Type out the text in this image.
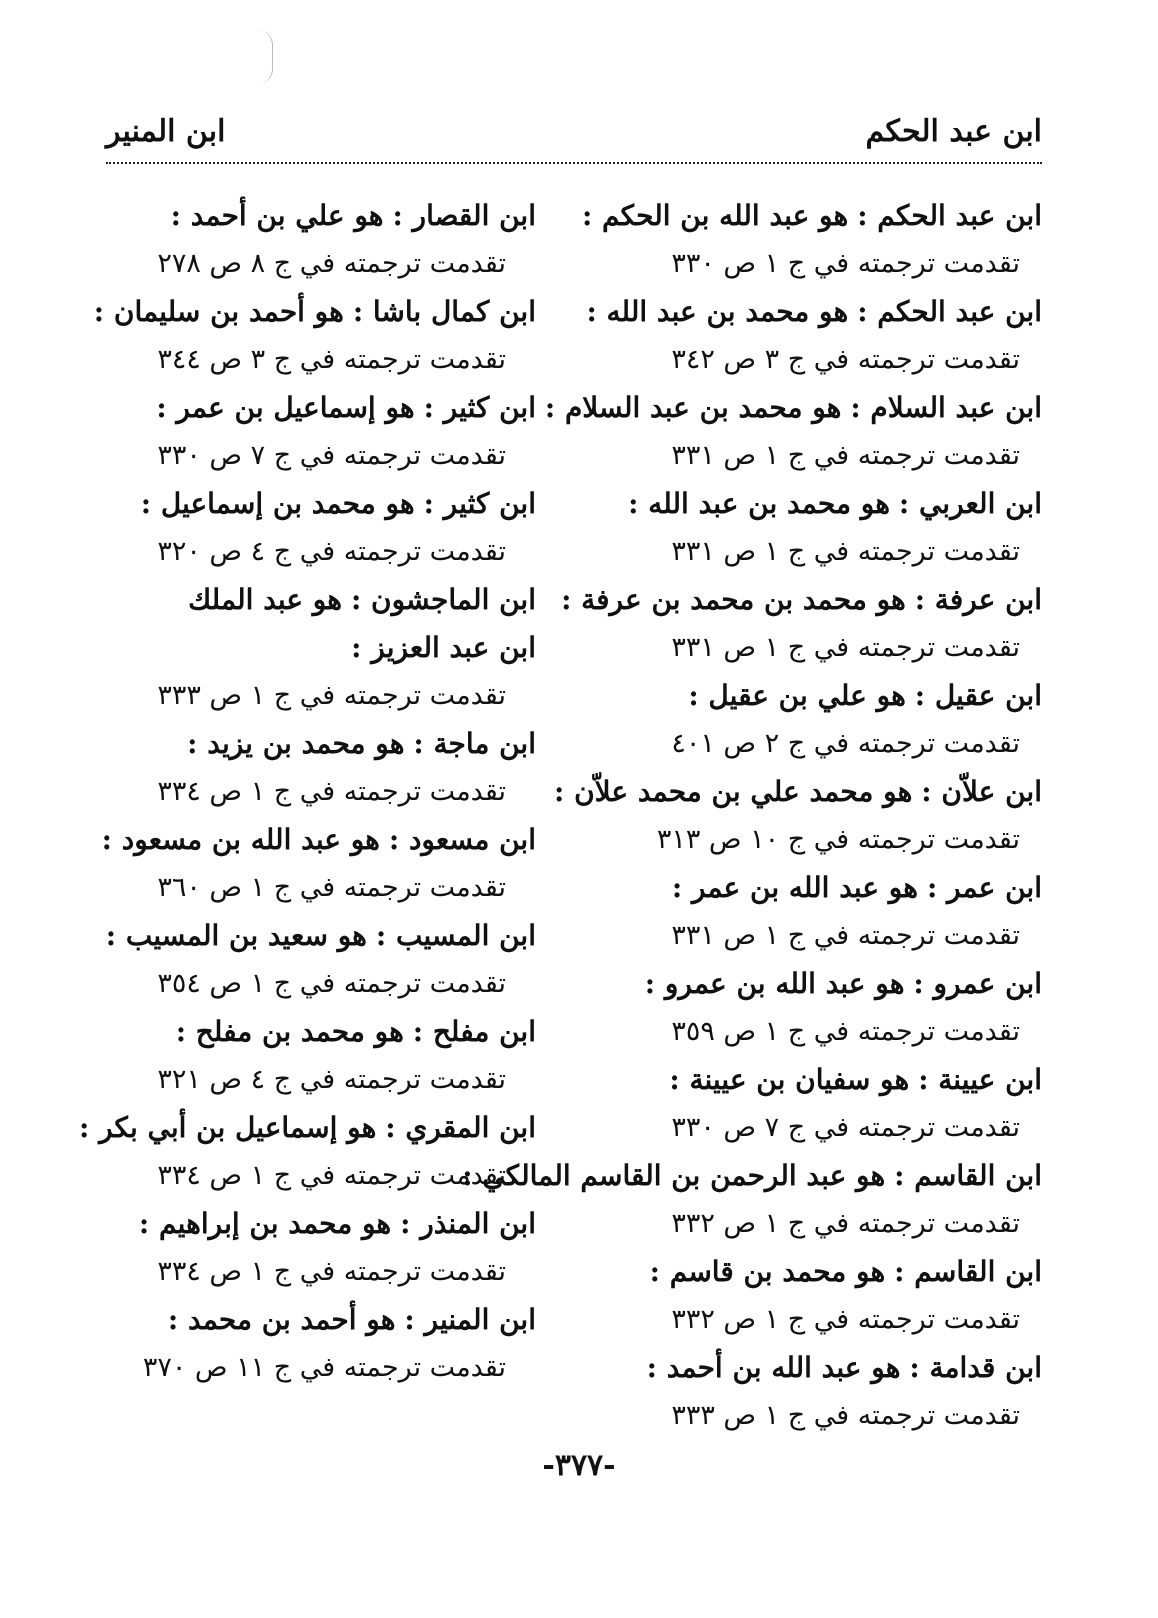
ابن عبد الحكم
ابن المنير
ابن عبد الحكم : هو عبد الله بن الحكم :
تقدمت ترجمته في ج ١ ص ٣٣٠
ابن عبد الحكم : هو محمد بن عبد الله :
تقدمت ترجمته في ج ٣ ص ٣٤٢
ابن عبد السلام : هو محمد بن عبد السلام :
تقدمت ترجمته في ج ١ ص ٣٣١
ابن العربي : هو محمد بن عبد الله :
تقدمت ترجمته في ج ١ ص ٣٣١
ابن عرفة : هو محمد بن محمد بن عرفة :
تقدمت ترجمته في ج ١ ص ٣٣١
ابن عقيل : هو علي بن عقيل :
تقدمت ترجمته في ج ٢ ص ٤٠١
ابن علاّن : هو محمد علي بن محمد علاّن :
تقدمت ترجمته في ج ١٠ ص ٣١٣
ابن عمر : هو عبد الله بن عمر :
تقدمت ترجمته في ج ١ ص ٣٣١
ابن عمرو : هو عبد الله بن عمرو :
تقدمت ترجمته في ج ١ ص ٣٥٩
ابن عيينة : هو سفيان بن عيينة :
تقدمت ترجمته في ج ٧ ص ٣٣٠
ابن القاسم : هو عبد الرحمن بن القاسم المالكي :
تقدمت ترجمته في ج ١ ص ٣٣٢
ابن القاسم : هو محمد بن قاسم :
تقدمت ترجمته في ج ١ ص ٣٣٢
ابن قدامة : هو عبد الله بن أحمد :
تقدمت ترجمته في ج ١ ص ٣٣٣
ابن القصار : هو علي بن أحمد :
تقدمت ترجمته في ج ٨ ص ٢٧٨
ابن كمال باشا : هو أحمد بن سليمان :
تقدمت ترجمته في ج ٣ ص ٣٤٤
ابن كثير : هو إسماعيل بن عمر :
تقدمت ترجمته في ج ٧ ص ٣٣٠
ابن كثير : هو محمد بن إسماعيل :
تقدمت ترجمته في ج ٤ ص ٣٢٠
ابن الماجشون : هو عبد الملك
ابن عبد العزيز :
تقدمت ترجمته في ج ١ ص ٣٣٣
ابن ماجة : هو محمد بن يزيد :
تقدمت ترجمته في ج ١ ص ٣٣٤
ابن مسعود : هو عبد الله بن مسعود :
تقدمت ترجمته في ج ١ ص ٣٦٠
ابن المسيب : هو سعيد بن المسيب :
تقدمت ترجمته في ج ١ ص ٣٥٤
ابن مفلح : هو محمد بن مفلح :
تقدمت ترجمته في ج ٤ ص ٣٢١
ابن المقري : هو إسماعيل بن أبي بكر :
تقدمت ترجمته في ج ١ ص ٣٣٤
ابن المنذر : هو محمد بن إبراهيم :
تقدمت ترجمته في ج ١ ص ٣٣٤
ابن المنير : هو أحمد بن محمد :
تقدمت ترجمته في ج ١١ ص ٣٧٠
-٣٧٧-
